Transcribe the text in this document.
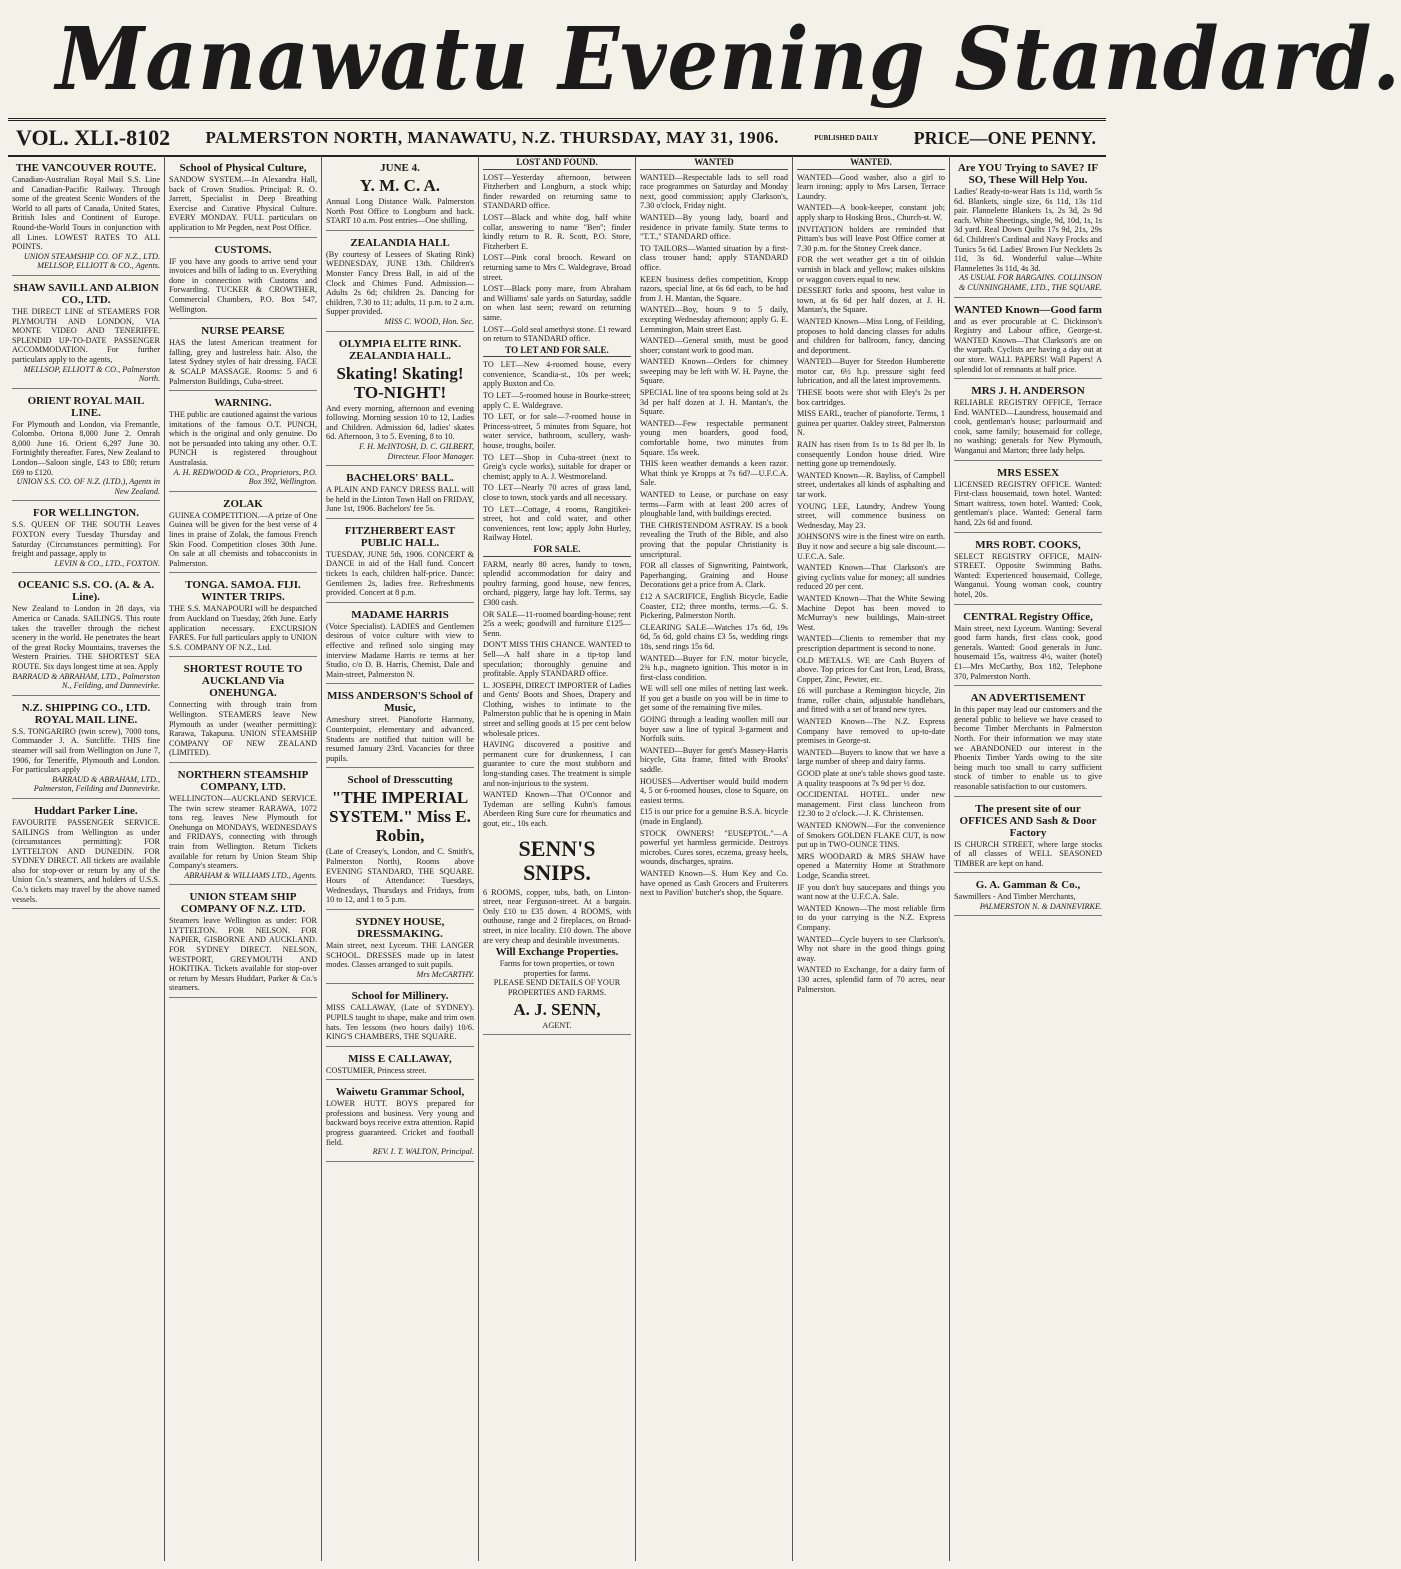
Manawatu Evening Standard.
VOL. XLI.-8102 PALMERSTON NORTH, MANAWATU, N.Z. THURSDAY, MAY 31, 1906.	PUBLISHED DAILY PRICE—ONE PENNY.
THE VANCOUVER ROUTE.

Canadian-Australian Royal Mail S.S. Line and Canadian-Pacific Railway. Through some of the greatest Scenic Wonders of the World to all parts of Canada, United States, British Isles and Continent of Europe. Round-the-World Tours in conjunction with all Lines. LOWEST RATES TO ALL POINTS.

UNION STEAMSHIP CO. OF N.Z., LTD. MELLSOP, ELLIOTT & CO., Agents.

SHAW SAVILL AND ALBION CO., LTD.

THE DIRECT LINE of STEAMERS FOR PLYMOUTH AND LONDON, VIA MONTE VIDEO AND TENERIFFE. SPLENDID UP-TO-DATE PASSENGER ACCOMMODATION. For further particulars apply to the agents,

MELLSOP, ELLIOTT & CO., Palmerston North.

ORIENT ROYAL MAIL LINE.

For Plymouth and London, via Fremantle, Colombo. Ortona 8,000 June 2. Omrah 8,000 June 16. Orient 6,297 June 30. Fortnightly thereafter. Fares, New Zealand to London—Saloon single, £43 to £80; return £69 to £120.

UNION S.S. CO. OF N.Z. (LTD.), Agents in New Zealand.

FOR WELLINGTON.

S.S. QUEEN OF THE SOUTH Leaves FOXTON every Tuesday Thursday and Saturday (Circumstances permitting). For freight and passage, apply to

LEVIN & CO., LTD., FOXTON.

OCEANIC S.S. CO. (A. & A. Line).

New Zealand to London in 28 days, via America or Canada. SAILINGS. This route takes the traveller through the richest scenery in the world. He penetrates the heart of the great Rocky Mountains, traverses the Western Prairies. THE SHORTEST SEA ROUTE. Six days longest time at sea. Apply

BARRAUD & ABRAHAM, LTD., Palmerston N., Feilding, and Dannevirke.

N.Z. SHIPPING CO., LTD. ROYAL MAIL LINE.

S.S. TONGARIRO (twin screw), 7000 tons, Commander J. A. Sutcliffe. THIS fine steamer will sail from Wellington on June 7, 1906, for Teneriffe, Plymouth and London. For particulars apply

BARRAUD & ABRAHAM, LTD., Palmerston, Feilding and Dannevirke.

Huddart Parker Line.

FAVOURITE PASSENGER SERVICE. SAILINGS from Wellington as under (circumstances permitting): FOR LYTTELTON AND DUNEDIN. FOR SYDNEY DIRECT. All tickets are available also for stop-over or return by any of the Union Co.'s steamers, and holders of U.S.S. Co.'s tickets may travel by the above named vessels.

School of Physical Culture,

SANDOW SYSTEM.—In Alexandra Hall, back of Crown Studios. Principal: R. O. Jarrett, Specialist in Deep Breathing Exercise and Curative Physical Culture. EVERY MONDAY. FULL particulars on application to Mr Pegden, next Post Office.

CUSTOMS.

IF you have any goods to arrive send your invoices and bills of lading to us. Everything done in connection with Customs and Forwarding. TUCKER & CROWTHER, Commercial Chambers, P.O. Box 547, Wellington.

NURSE PEARSE

HAS the latest American treatment for falling, grey and lustreless hair. Also, the latest Sydney styles of hair dressing. FACE & SCALP MASSAGE. Rooms: 5 and 6 Palmerston Buildings, Cuba-street.

WARNING.

THE public are cautioned against the various imitations of the famous O.T. PUNCH, which is the original and only genuine. Do not be persuaded into taking any other. O.T. PUNCH is registered throughout Australasia.

A. H. REDWOOD & CO., Proprietors, P.O. Box 392, Wellington.

ZOLAK

GUINEA COMPETITION.—A prize of One Guinea will be given for the best verse of 4 lines in praise of Zolak, the famous French Skin Food. Competition closes 30th June. On sale at all chemists and tobacconists in Palmerston.

TONGA. SAMOA. FIJI. WINTER TRIPS.

THE S.S. MANAPOURI will be despatched from Auckland on Tuesday, 26th June. Early application necessary. EXCURSION FARES. For full particulars apply to UNION S.S. COMPANY OF N.Z., Ltd.

SHORTEST ROUTE TO AUCKLAND Via ONEHUNGA.

Connecting with through train from Wellington. STEAMERS leave New Plymouth as under (weather permitting): Rarawa, Takapuna. UNION STEAMSHIP COMPANY OF NEW ZEALAND (LIMITED).

NORTHERN STEAMSHIP COMPANY, LTD.

WELLINGTON—AUCKLAND SERVICE. The twin screw steamer RARAWA, 1072 tons reg. leaves New Plymouth for Onehunga on MONDAYS, WEDNESDAYS and FRIDAYS, connecting with through train from Wellington. Return Tickets available for return by Union Steam Ship Company's steamers.

ABRAHAM & WILLIAMS LTD., Agents.

UNION STEAM SHIP COMPANY OF N.Z. LTD.

Steamers leave Wellington as under: FOR LYTTELTON. FOR NELSON. FOR NAPIER, GISBORNE AND AUCKLAND. FOR SYDNEY DIRECT. NELSON, WESTPORT, GREYMOUTH AND HOKITIKA. Tickets available for stop-over or return by Messrs Huddart, Parker & Co.'s steamers.

JUNE 4.
Y. M. C. A.

Annual Long Distance Walk. Palmerston North Post Office to Longburn and back. START 10 a.m. Post entries—One shilling.

ZEALANDIA HALL

(By courtesy of Lessees of Skating Rink) WEDNESDAY, JUNE 13th. Children's Monster Fancy Dress Ball, in aid of the Clock and Chimes Fund. Admission—Adults 2s 6d; children 2s. Dancing for children, 7.30 to 11; adults, 11 p.m. to 2 a.m. Supper provided.

MISS C. WOOD, Hon. Sec.

OLYMPIA ELITE RINK. ZEALANDIA HALL.
Skating! Skating! TO-NIGHT!

And every morning, afternoon and evening following. Morning session 10 to 12, Ladies and Children. Admission 6d, ladies' skates 6d. Afternoon, 3 to 5. Evening, 8 to 10.

F. H. McINTOSH, D. C. GILBERT, Directeur. Floor Manager.

BACHELORS' BALL.

A PLAIN AND FANCY DRESS BALL will be held in the Linton Town Hall on FRIDAY, June 1st, 1906. Bachelors' fee 5s.

FITZHERBERT EAST PUBLIC HALL.

TUESDAY, JUNE 5th, 1906. CONCERT & DANCE in aid of the Hall fund. Concert tickets 1s each, children half-price. Dance: Gentlemen 2s, ladies free. Refreshments provided. Concert at 8 p.m.

MADAME HARRIS

(Voice Specialist). LADIES and Gentlemen desirous of voice culture with view to effective and refined solo singing may interview Madame Harris re terms at her Studio, c/o D. B. Harris, Chemist, Dale and Main-street, Palmerston N.

MISS ANDERSON'S School of Music,

Amesbury street. Pianoforte Harmony, Counterpoint, elementary and advanced. Students are notified that tuition will be resumed January 23rd. Vacancies for three pupils.

School of Dresscutting
"THE IMPERIAL SYSTEM." Miss E. Robin,

(Late of Creasey's, London, and C. Smith's, Palmerston North), Rooms above EVENING STANDARD, THE SQUARE. Hours of Attendance: Tuesdays, Wednesdays, Thursdays and Fridays, from 10 to 12, and 1 to 5 p.m.

SYDNEY HOUSE, DRESSMAKING.

Main street, next Lyceum. THE LANGER SCHOOL. DRESSES made up in latest modes. Classes arranged to suit pupils.

Mrs McCARTHY.

School for Millinery.

MISS CALLAWAY, (Late of SYDNEY). PUPILS taught to shape, make and trim own hats. Ten lessons (two hours daily) 10/6. KING'S CHAMBERS, THE SQUARE.

MISS E CALLAWAY,

COSTUMIER, Princess street.

Waiwetu Grammar School,

LOWER HUTT. BOYS prepared for professions and business. Very young and backward boys receive extra attention. Rapid progress guaranteed. Cricket and football field.

REV. I. T. WALTON, Principal.

LOST AND FOUND.

LOST—Yesterday afternoon, between Fitzherbert and Longburn, a stock whip; finder rewarded on returning same to STANDARD office.

LOST—Black and white dog, half white collar, answering to name "Ben"; finder kindly return to R. R. Scott, P.O. Store, Fitzherbert E.

LOST—Pink coral brooch. Reward on returning same to Mrs C. Waldegrave, Broad street.

LOST—Black pony mare, from Abraham and Williams' sale yards on Saturday, saddle on when last seen; reward on returning same.

LOST—Gold seal amethyst stone. £1 reward on return to STANDARD office.

TO LET AND FOR SALE.

TO LET—New 4-roomed house, every convenience, Scandia-st., 10s per week; apply Buxton and Co.

TO LET—5-roomed house in Bourke-street; apply C. E. Waldegrave.

TO LET, or for sale—7-roomed house in Princess-street, 5 minutes from Square, hot water service, bathroom, scullery, wash-house, troughs, boiler.

TO LET—Shop in Cuba-street (next to Greig's cycle works), suitable for draper or chemist; apply to A. J. Westmoreland.

TO LET—Nearly 70 acres of grass land, close to town, stock yards and all necessary.

TO LET—Cottage, 4 rooms, Rangitikei-street, hot and cold water, and other conveniences, rent low; apply John Hurley, Railway Hotel.

FOR SALE.

FARM, nearly 80 acres, handy to town, splendid accommodation for dairy and poultry farming, good house, new fences, orchard, piggery, large hay loft. Terms, say £300 cash.

OR SALE—11-roomed boarding-house; rent 25s a week; goodwill and furniture £125—Senn.

DON'T MISS THIS CHANCE. WANTED to Sell—A half share in a tip-top land speculation; thoroughly genuine and profitable. Apply STANDARD office.

L. JOSEPH, DIRECT IMPORTER of Ladies and Gents' Boots and Shoes, Drapery and Clothing, wishes to intimate to the Palmerston public that he is opening in Main street and selling goods at 15 per cent below wholesale prices.

HAVING discovered a positive and permanent cure for drunkenness, I can guarantee to cure the most stubborn and long-standing cases. The treatment is simple and non-injurious to the system.

WANTED Known—That O'Connor and Tydeman are selling Kuhn's famous Aberdeen Ring Sure cure for rheumatics and gout, etc., 10s each.

SENN'S SNIPS.

6 ROOMS, copper, tubs, bath, on Linton-street, near Ferguson-street. At a bargain. Only £10 to £35 down. 4 ROOMS, with outhouse, range and 2 fireplaces, on Broad-street, in nice locality. £10 down. The above are very cheap and desirable investments.

Will Exchange Properties.

Farms for town properties, or town properties for farms.

PLEASE SEND DETAILS OF YOUR PROPERTIES AND FARMS.

A. J. SENN,

AGENT.

WANTED

WANTED—Respectable lads to sell road race programmes on Saturday and Monday next, good commission; apply Clarkson's, 7.30 o'clock, Friday night.

WANTED—By young lady, board and residence in private family. State terms to "T.T.," STANDARD office.

TO TAILORS—Wanted situation by a first-class trouser hand; apply STANDARD office.

KEEN business defies competition, Kropp razors, special line, at 6s 6d each, to be had from J. H. Mantan, the Square.

WANTED—Boy, hours 9 to 5 daily, excepting Wednesday afternoon; apply G. E. Lemmington, Main street East.

WANTED—General smith, must be good shoer; constant work to good man.

WANTED Known—Orders for chimney sweeping may be left with W. H. Payne, the Square.

SPECIAL line of tea spoons being sold at 2s 3d per half dozen at J. H. Mantan's, the Square.

WANTED—Few respectable permanent young men boarders, good food, comfortable home, two minutes from Square. 15s week.

THIS keen weather demands a keen razor. What think ye Kropps at 7s 6d?—U.F.C.A. Sale.

WANTED to Lease, or purchase on easy terms—Farm with at least 200 acres of ploughable land, with buildings erected.

THE CHRISTENDOM ASTRAY. IS a book revealing the Truth of the Bible, and also proving that the popular Christianity is unscriptural.

FOR all classes of Signwriting, Paintwork, Paperhanging, Graining and House Decorations get a price from A. Clark.

£12 A SACRIFICE, English Bicycle, Eadie Coaster, £12; three months, terms.—G. S. Pickering, Palmerston North.

CLEARING SALE—Watches 17s 6d, 19s 6d, 5s 6d, gold chains £3 5s, wedding rings 18s, send rings 15s 6d.

WANTED—Buyer for F.N. motor bicycle, 2¾ h.p., magneto ignition. This motor is in first-class condition.

WE will sell one miles of netting last week. If you get a bustle on you will be in time to get some of the remaining five miles.

GOING through a leading woollen mill our buyer saw a line of typical 3-garment and Norfolk suits.

WANTED—Buyer for gent's Massey-Harris bicycle, Gita frame, fitted with Brooks' saddle.

HOUSES—Advertiser would build modern 4, 5 or 6-roomed houses, close to Square, on easiest terms.

£15 is our price for a genuine B.S.A. bicycle (made in England).

STOCK OWNERS! "EUSEPTOL."—A powerful yet harmless germicide. Destroys microbes. Cures sores, eczema, greasy heels, wounds, discharges, sprains.

WANTED Known—S. Hum Key and Co. have opened as Cash Grocers and Fruiterers next to Pavilion' butcher's shop, the Square.

WANTED.

WANTED—Good washer, also a girl to learn ironing; apply to Mrs Larsen, Terrace Laundry.

WANTED—A book-keeper, constant job; apply sharp to Hosking Bros., Church-st. W.

INVITATION holders are reminded that Pittam's bus will leave Post Office corner at 7.30 p.m. for the Stoney Creek dance.

FOR the wet weather get a tin of oilskin varnish in black and yellow; makes oilskins or waggon covers equal to new.

DESSERT forks and spoons, best value in town, at 6s 6d per half dozen, at J. H. Mantan's, the Square.

WANTED Known—Miss Long, of Feilding, proposes to hold dancing classes for adults and children for ballroom, fancy, dancing and deportment.

WANTED—Buyer for Steedon Humberette motor car, 6½ h.p. pressure sight feed lubrication, and all the latest improvements.

THESE boots were shot with Eley's 2s per box cartridges.

MISS EARL, teacher of pianoforte. Terms, 1 guinea per quarter. Oakley street, Palmerston N.

RAIN has risen from 1s to 1s 8d per lb. In consequently London house dried. Wire netting gone up tremendously.

WANTED Known—R. Bayliss, of Campbell street, undertakes all kinds of asphalting and tar work.

YOUNG LEE, Laundry, Andrew Young street, will commence business on Wednesday, May 23.

JOHNSON'S wire is the finest wire on earth. Buy it now and secure a big sale discount.—U.F.C.A. Sale.

WANTED Known—That Clarkson's are giving cyclists value for money; all sundries reduced 20 per cent.

WANTED Known—That the White Sewing Machine Depot has been moved to McMurray's new buildings, Main-street West.

WANTED—Clients to remember that my prescription department is second to none.

OLD METALS. WE are Cash Buyers of above. Top prices for Cast Iron, Lead, Brass, Copper, Zinc, Pewter, etc.

£6 will purchase a Remington bicycle, 2in frame, roller chain, adjustable handlebars, and fitted with a set of brand new tyres.

WANTED Known—The N.Z. Express Company have removed to up-to-date premises in George-st.

WANTED—Buyers to know that we have a large number of sheep and dairy farms.

GOOD plate at one's table shows good taste. A quality teaspoons at 7s 9d per ½ doz.

OCCIDENTAL HOTEL. under new management. First class luncheon from 12.30 to 2 o'clock.—J. K. Christensen.

WANTED KNOWN—For the convenience of Smokers GOLDEN FLAKE CUT, is now put up in TWO-OUNCE TINS.

MRS WOODARD & MRS SHAW have opened a Maternity Home at Strathmore Lodge, Scandia street.

IF you don't buy saucepans and things you want now at the U.F.C.A. Sale.

WANTED Known—The most reliable firm to do your carrying is the N.Z. Express Company.

WANTED—Cycle buyers to see Clarkson's. Why not share in the good things going away.

WANTED to Exchange, for a dairy farm of 130 acres, splendid farm of 70 acres, near Palmerston.

Are YOU Trying to SAVE? IF SO, These Will Help You.

Ladies' Ready-to-wear Hats 1s 11d, worth 5s 6d. Blankets, single size, 6s 11d, 13s 11d pair. Flannelette Blankets 1s, 2s 3d, 2s 9d each. White Sheetings, single, 9d, 10d, 1s, 1s 3d yard. Real Down Quilts 17s 9d, 21s, 29s 6d. Children's Cardinal and Navy Frocks and Tunics 5s 6d. Ladies' Brown Fur Necklets 2s 11d, 3s 6d. Wonderful value—White Flannelettes 3s 11d, 4s 3d.

AS USUAL FOR BARGAINS. COLLINSON & CUNNINGHAME, LTD., THE SQUARE.

WANTED Known—Good farm

and as ever procurable at C. Dickinson's Registry and Labour office, George-st. WANTED Known—That Clarkson's are on the warpath. Cyclists are having a day out at our store. WALL PAPERS! Wall Papers! A splendid lot of remnants at half price.

MRS J. H. ANDERSON

RELIABLE REGISTRY OFFICE, Terrace End. WANTED—Laundress, housemaid and cook, gentleman's house; parlourmaid and cook, same family; housemaid for college, no washing; generals for New Plymouth, Wanganui and Marton; three lady helps.

MRS ESSEX

LICENSED REGISTRY OFFICE. Wanted: First-class housemaid, town hotel. Wanted: Smart waitress, town hotel. Wanted: Cook, gentleman's place. Wanted: General farm hand, 22s 6d and found.

MRS ROBT. COOKS,

SELECT REGISTRY OFFICE, MAIN-STREET. Opposite Swimming Baths. Wanted: Experienced housemaid, College, Wanganui. Young woman cook, country hotel, 20s.

CENTRAL Registry Office,

Main street, next Lyceum. Wanting: Several good farm hands, first class cook, good generals. Wanted: Good generals in Junc. housemaid 15s, waitress 4½, waiter (hotel) £1—Mrs McCarthy, Box 182, Telephone 370, Palmerston North.

AN ADVERTISEMENT

In this paper may lead our customers and the general public to believe we have ceased to become Timber Merchants in Palmerston North. For their information we may state we ABANDONED our interest in the Phoenix Timber Yards owing to the site being much too small to carry sufficient stock of timber to enable us to give reasonable satisfaction to our customers.

The present site of our OFFICES AND Sash & Door Factory

IS CHURCH STREET, where large stocks of all classes of WELL SEASONED TIMBER are kept on hand.

G. A. Gamman & Co.,

Sawmillers - And Timber Merchants,

PALMERSTON N. & DANNEVIRKE.
